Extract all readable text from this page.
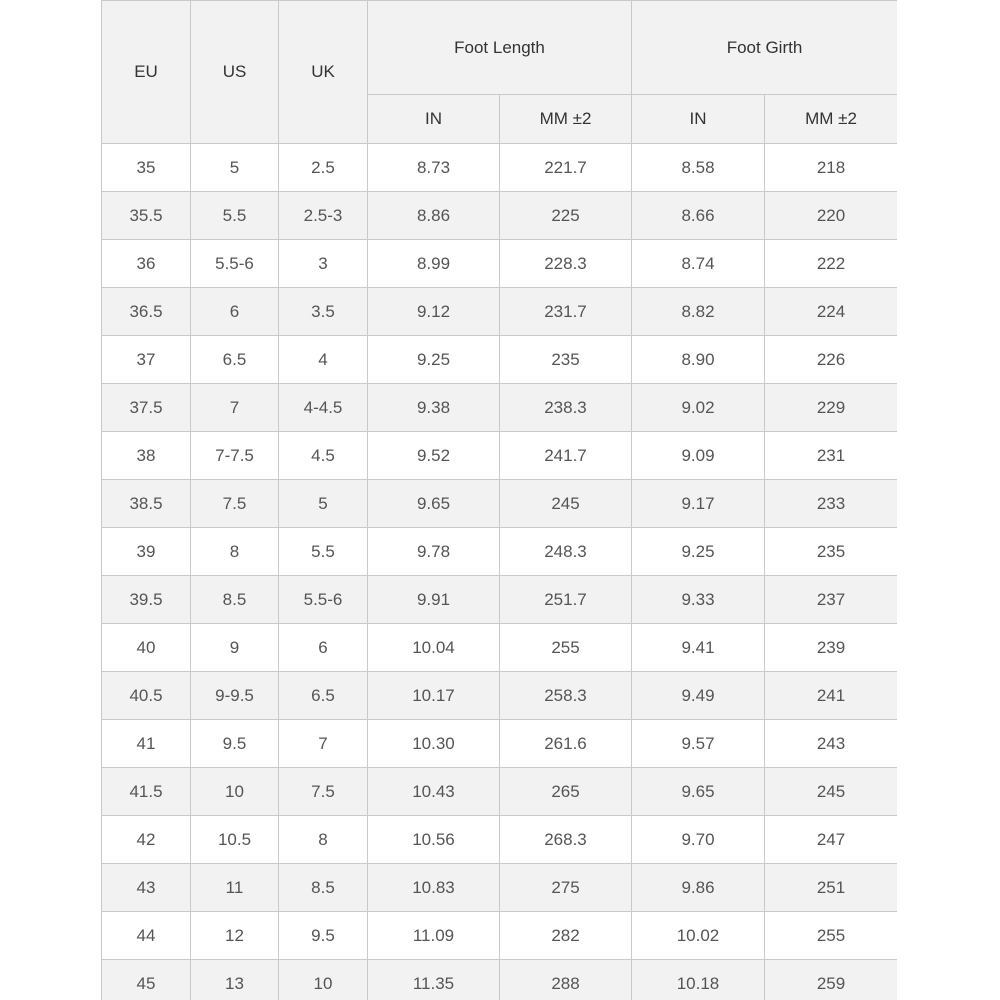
EU	US	UK	Foot Length		Foot Girth	
			IN	MM ±2	IN	MM ±2
35	5	2.5	8.73	221.7	8.58	218
35.5	5.5	2.5-3	8.86	225	8.66	220
36	5.5-6	3	8.99	228.3	8.74	222
36.5	6	3.5	9.12	231.7	8.82	224
37	6.5	4	9.25	235	8.90	226
37.5	7	4-4.5	9.38	238.3	9.02	229
38	7-7.5	4.5	9.52	241.7	9.09	231
38.5	7.5	5	9.65	245	9.17	233
39	8	5.5	9.78	248.3	9.25	235
39.5	8.5	5.5-6	9.91	251.7	9.33	237
40	9	6	10.04	255	9.41	239
40.5	9-9.5	6.5	10.17	258.3	9.49	241
41	9.5	7	10.30	261.6	9.57	243
41.5	10	7.5	10.43	265	9.65	245
42	10.5	8	10.56	268.3	9.70	247
43	11	8.5	10.83	275	9.86	251
44	12	9.5	11.09	282	10.02	255
45	13	10	11.35	288	10.18	259
